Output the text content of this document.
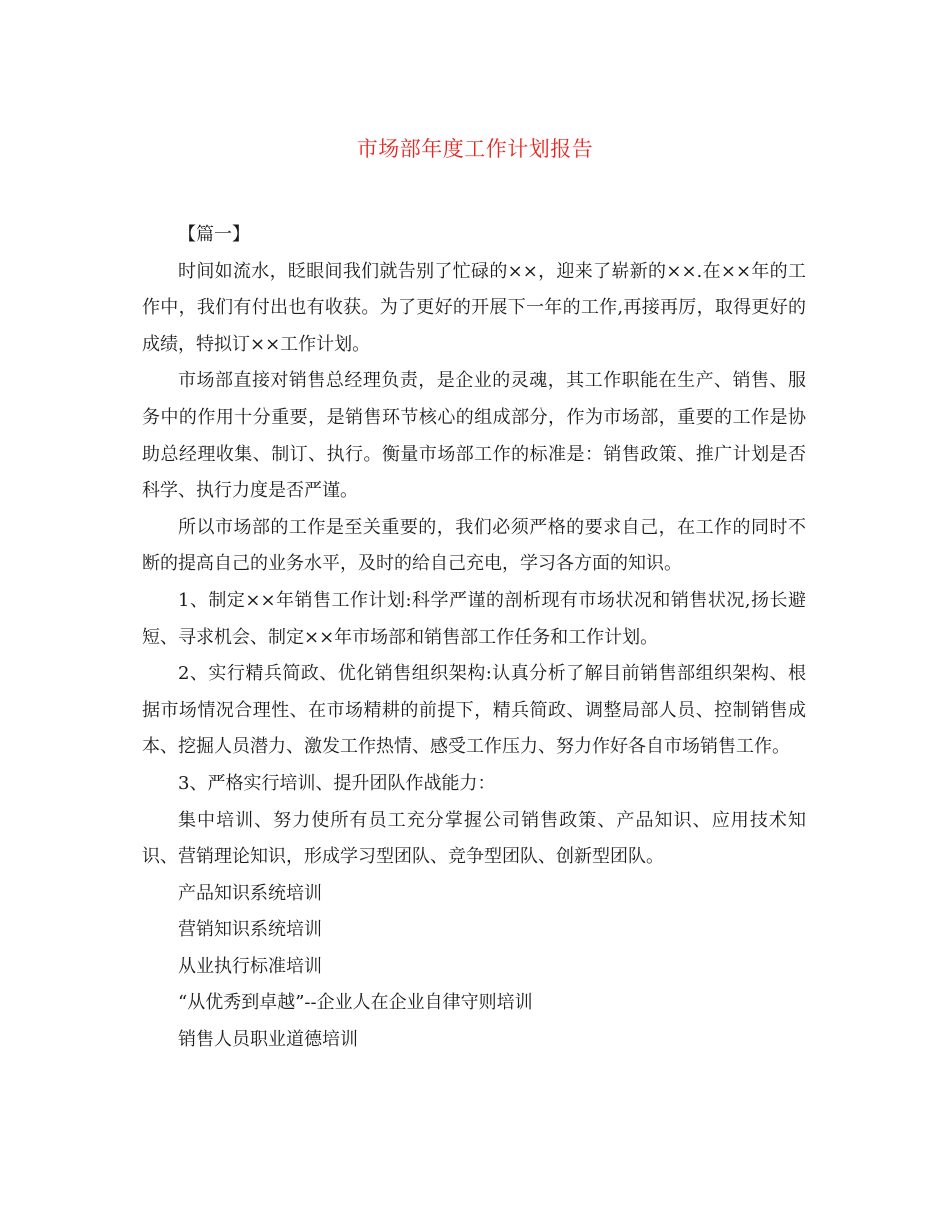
市场部年度工作计划报告

【篇一】

时间如流水，眨眼间我们就告别了忙碌的××，迎来了崭新的××.在××年的工作中，我们有付出也有收获。为了更好的开展下一年的工作,再接再厉，取得更好的成绩，特拟订××工作计划。

市场部直接对销售总经理负责，是企业的灵魂，其工作职能在生产、销售、服务中的作用十分重要，是销售环节核心的组成部分，作为市场部，重要的工作是协助总经理收集、制订、执行。衡量市场部工作的标准是：销售政策、推广计划是否科学、执行力度是否严谨。

所以市场部的工作是至关重要的，我们必须严格的要求自己，在工作的同时不断的提高自己的业务水平，及时的给自己充电，学习各方面的知识。

1、制定××年销售工作计划:科学严谨的剖析现有市场状况和销售状况,扬长避短、寻求机会、制定××年市场部和销售部工作任务和工作计划。

2、实行精兵简政、优化销售组织架构:认真分析了解目前销售部组织架构、根据市场情况合理性、在市场精耕的前提下，精兵简政、调整局部人员、控制销售成本、挖掘人员潜力、激发工作热情、感受工作压力、努力作好各自市场销售工作。

3、严格实行培训、提升团队作战能力：

集中培训、努力使所有员工充分掌握公司销售政策、产品知识、应用技术知识、营销理论知识，形成学习型团队、竞争型团队、创新型团队。

产品知识系统培训

营销知识系统培训

从业执行标准培训

“从优秀到卓越”--企业人在企业自律守则培训

销售人员职业道德培训
